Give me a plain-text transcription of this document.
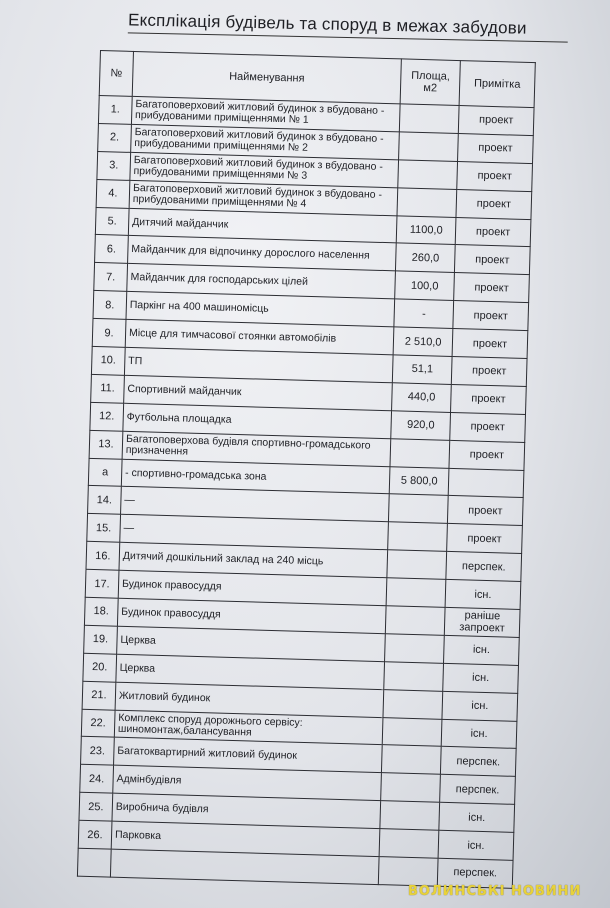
Експлікація будівель та споруд в межах забудови
№	Найменування	Площа, м2	Примітка
1.	Багатоповерховий житловий будинок з вбудовано - прибудованими приміщеннями № 1		проект
2.	Багатоповерховий житловий будинок з вбудовано - прибудованими приміщеннями № 2		проект
3.	Багатоповерховий житловий будинок з вбудовано - прибудованими приміщеннями № 3		проект
4.	Багатоповерховий житловий будинок з вбудовано - прибудованими приміщеннями № 4		проект
5.	Дитячий майданчик	1100,0	проект
6.	Майданчик для відпочинку дорослого населення	260,0	проект
7.	Майданчик для господарських цілей	100,0	проект
8.	Паркінг на 400 машиномісць	-	проект
9.	Місце для тимчасової стоянки автомобілів	2 510,0	проект
10.	ТП	51,1	проект
11.	Спортивний майданчик	440,0	проект
12.	Футбольна площадка	920,0	проект
13.	Багатоповерхова будівля спортивно-громадського призначення		проект
а	- спортивно-громадська зона	5 800,0	
14.	—		проект
15.	—		проект
16.	Дитячий дошкільний заклад на 240 місць		перспек.
17.	Будинок правосуддя		існ.
18.	Будинок правосуддя		раніше запроект
19.	Церква		існ.
20.	Церква		існ.
21.	Житловий будинок		існ.
22.	Комплекс споруд дорожнього сервісу: шиномонтаж,балансування		існ.
23.	Багатоквартирний житловий будинок		перспек.
24.	Адмінбудівля		перспек.
25.	Виробнича будівля		існ.
26.	Парковка		існ.
			перспек.
ВОЛИНСЬКІ НОВИНИ
